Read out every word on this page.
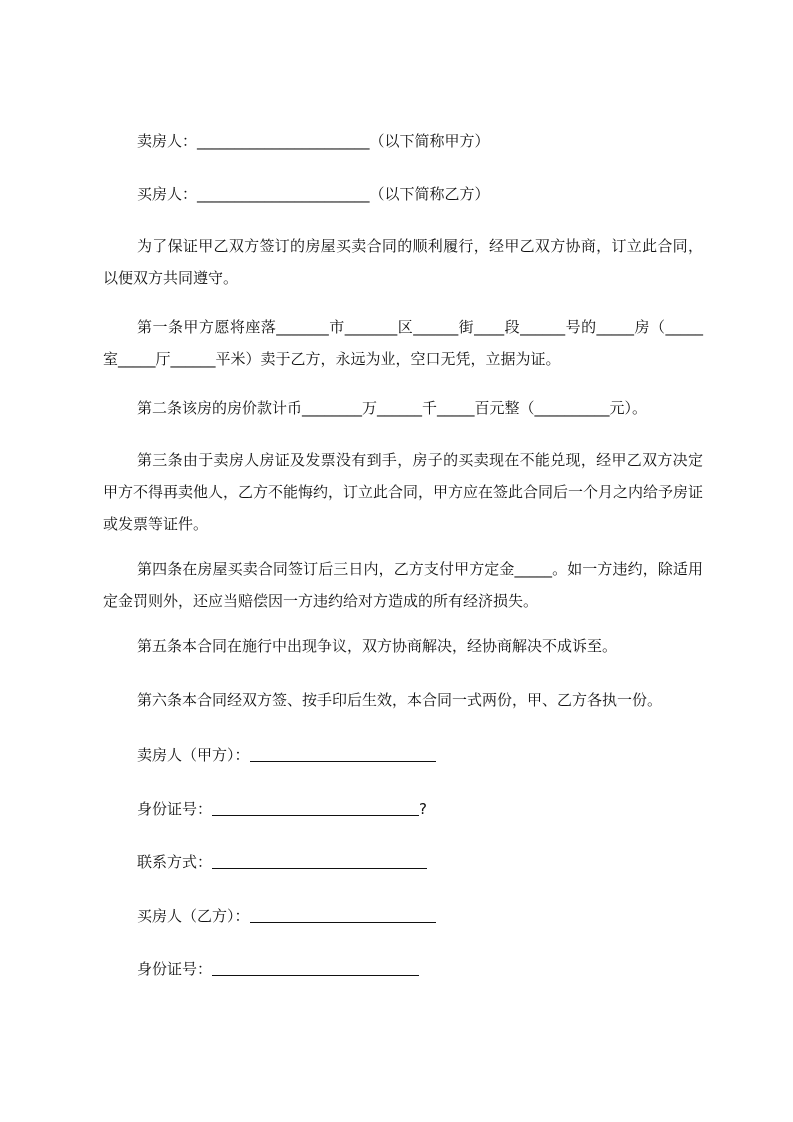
卖房人：_______________________（以下简称甲方）

买房人：_______________________（以下简称乙方）

为了保证甲乙双方签订的房屋买卖合同的顺利履行，经甲乙双方协商，订立此合同，以便双方共同遵守。

第一条甲方愿将座落_______市_______区______街____段______号的_____房（_____室_____厅______平米）卖于乙方，永远为业，空口无凭，立据为证。

第二条该房的房价款计币________万______千_____百元整（__________元）。

第三条由于卖房人房证及发票没有到手，房子的买卖现在不能兑现，经甲乙双方决定甲方不得再卖他人，乙方不能悔约，订立此合同，甲方应在签此合同后一个月之内给予房证或发票等证件。

第四条在房屋买卖合同签订后三日内，乙方支付甲方定金_____。如一方违约，除适用定金罚则外，还应当赔偿因一方违约给对方造成的所有经济损失。

第五条本合同在施行中出现争议，双方协商解决，经协商解决不成诉至。

第六条本合同经双方签、按手印后生效，本合同一式两份，甲、乙方各执一份。

卖房人（甲方）：

身份证号：	?

联系方式：

买房人（乙方）：

身份证号：
